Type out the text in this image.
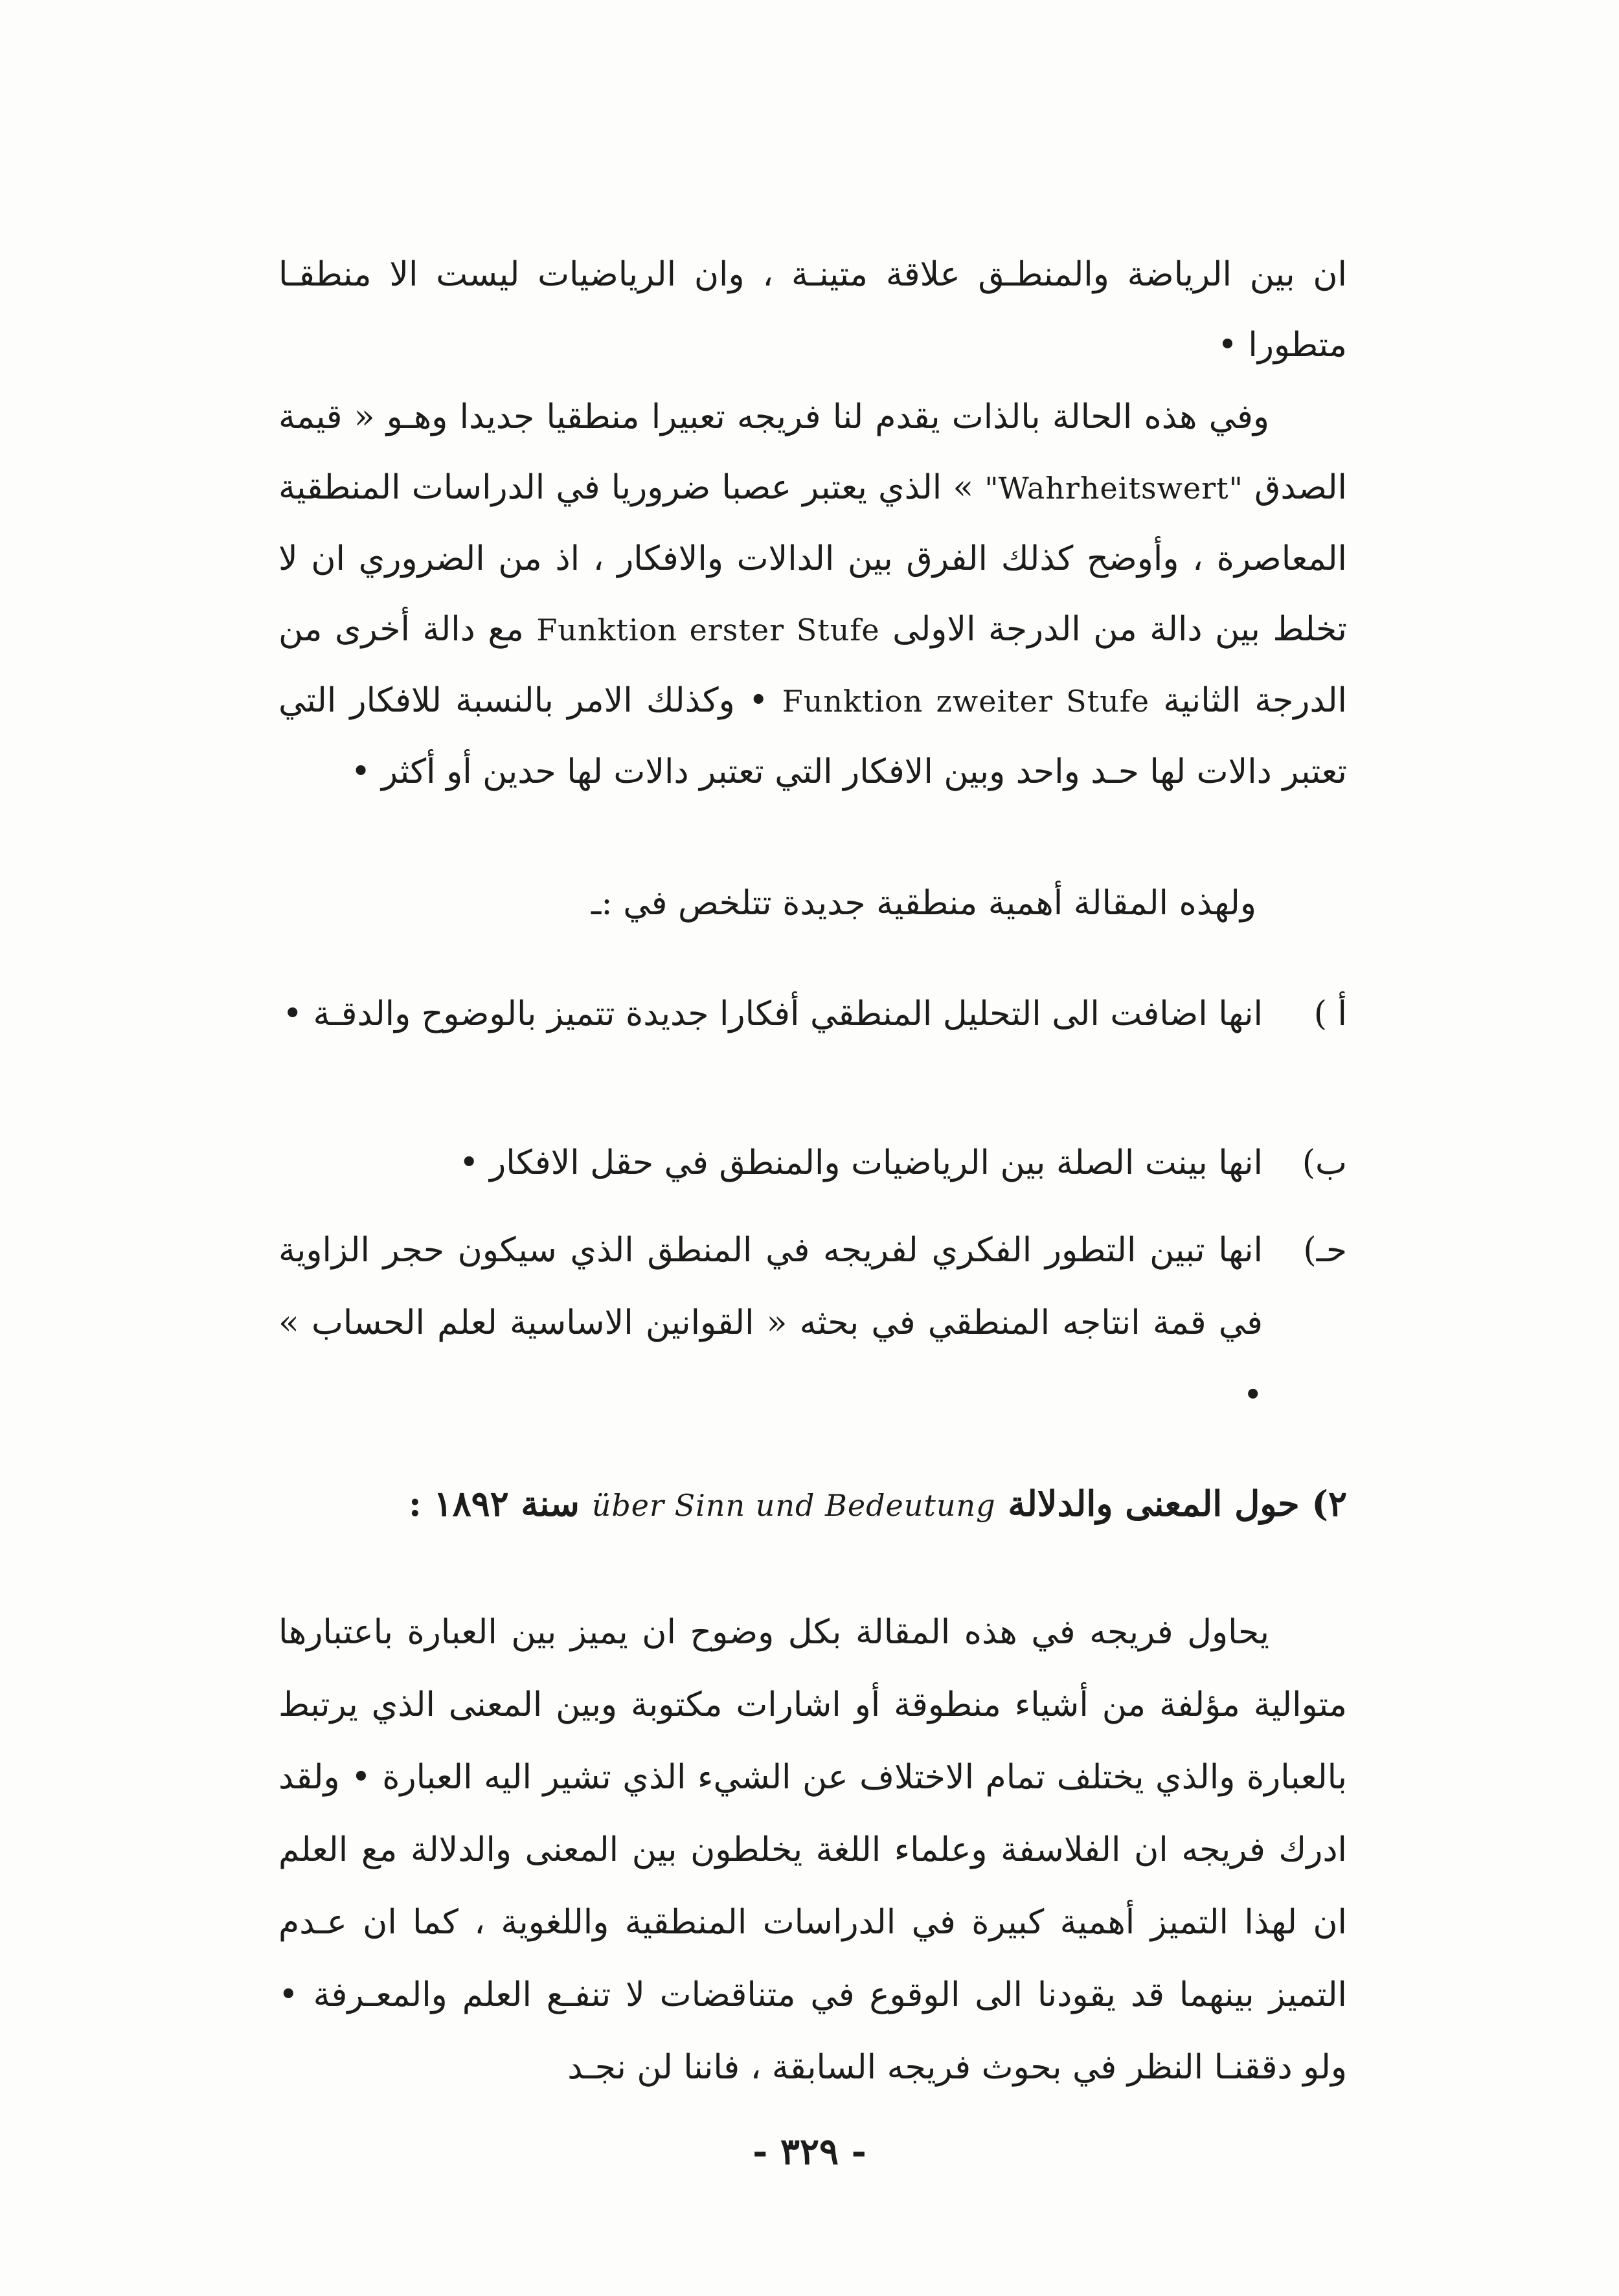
ان بين الرياضة والمنطـق علاقة متينـة ، وان الرياضيات ليست الا منطقـا متطورا •
وفي هذه الحالة بالذات يقدم لنا فريجه تعبيرا منطقيا جديدا وهـو « قيمة الصدق "Wahrheitswert" » الذي يعتبر عصبا ضروريا في الدراسات المنطقية المعاصرة ، وأوضح كذلك الفرق بين الدالات والافكار ، اذ من الضروري ان لا تخلط بين دالة من الدرجة الاولى Funktion erster Stufe مع دالة أخرى من الدرجة الثانية Funktion zweiter Stufe • وكذلك الامر بالنسبة للافكار التي تعتبر دالات لها حـد واحد وبين الافكار التي تعتبر دالات لها حدين أو أكثر •
ولهذه المقالة أهمية منطقية جديدة تتلخص في :ـ
أ )
انها اضافت الى التحليل المنطقي أفكارا جديدة تتميز بالوضوح والدقـة •
ب)
انها بينت الصلة بين الرياضيات والمنطق في حقل الافكار •
حـ)
انها تبين التطور الفكري لفريجه في المنطق الذي سيكون حجر الزاوية في قمة انتاجه المنطقي في بحثه « القوانين الاساسية لعلم الحساب » •
٢) حول المعنى والدلالة über Sinn und Bedeutung سنة ١٨٩٢ :
يحاول فريجه في هذه المقالة بكل وضوح ان يميز بين العبارة باعتبارها متوالية مؤلفة من أشياء منطوقة أو اشارات مكتوبة وبين المعنى الذي يرتبط بالعبارة والذي يختلف تمام الاختلاف عن الشيء الذي تشير اليه العبارة • ولقد ادرك فريجه ان الفلاسفة وعلماء اللغة يخلطون بين المعنى والدلالة مع العلم ان لهذا التميز أهمية كبيرة في الدراسات المنطقية واللغوية ، كما ان عـدم التميز بينهما قد يقودنا الى الوقوع في متناقضات لا تنفـع العلم والمعـرفة • ولو دققنـا النظر في بحوث فريجه السابقة ، فاننا لن نجـد
- ٣٢٩ -
